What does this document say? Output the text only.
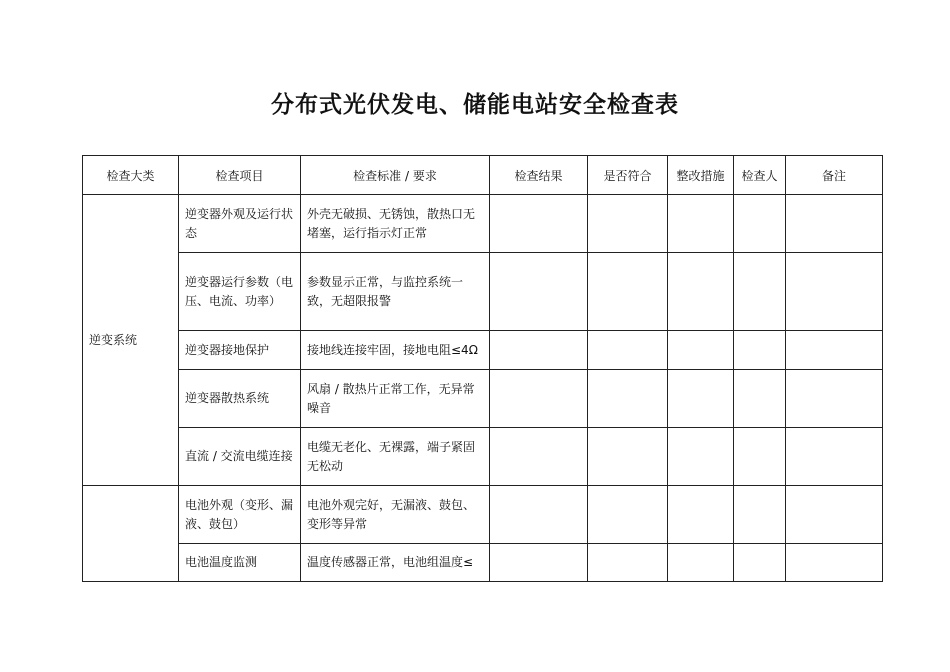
分布式光伏发电、储能电站安全检查表
检查大类	检查项目	检查标准 / 要求	检查结果	是否符合	整改措施	检查人	备注
逆变系统	逆变器外观及运行状态	外壳无破损、无锈蚀，散热口无堵塞，运行指示灯正常					
	逆变器运行参数（电压、电流、功率）	参数显示正常，与监控系统一致，无超限报警					
	逆变器接地保护	接地线连接牢固，接地电阻≤4Ω					
	逆变器散热系统	风扇 / 散热片正常工作，无异常噪音					
	直流 / 交流电缆连接	电缆无老化、无裸露，端子紧固无松动					
	电池外观（变形、漏液、鼓包）	电池外观完好，无漏液、鼓包、变形等异常					
	电池温度监测	温度传感器正常，电池组温度≤					
